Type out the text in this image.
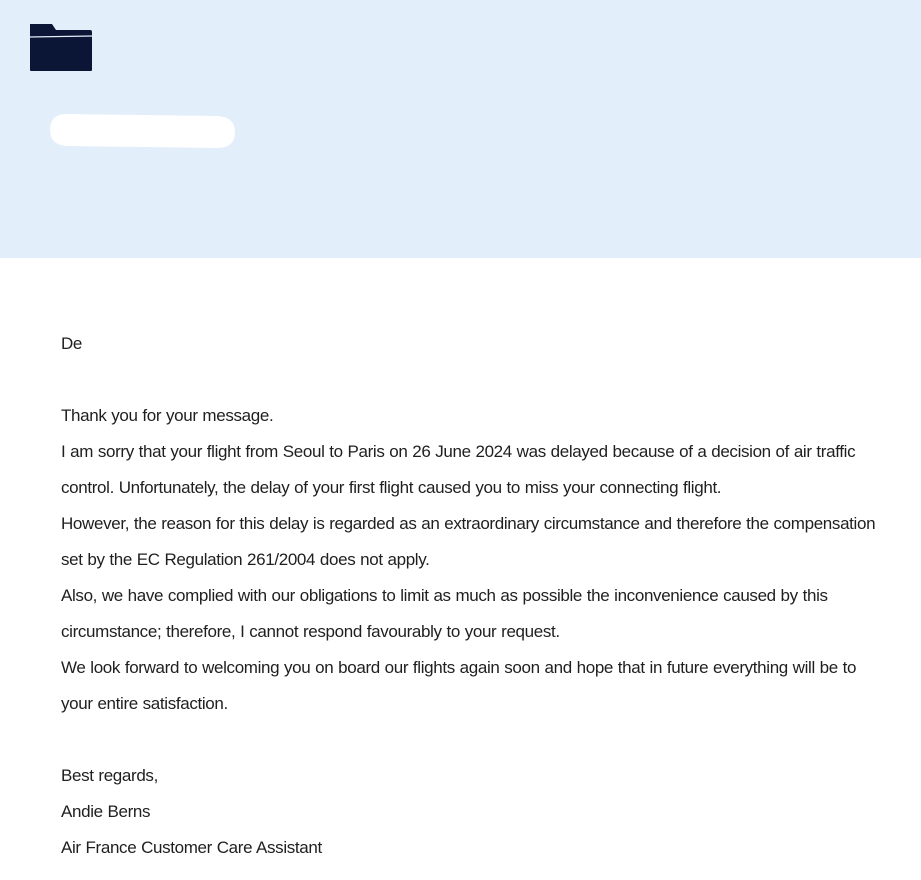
De

Thank you for your message.

I am sorry that your flight from Seoul to Paris on 26 June 2024 was delayed because of a decision of air traffic control. Unfortunately, the delay of your first flight caused you to miss your connecting flight.

However, the reason for this delay is regarded as an extraordinary circumstance and therefore the compensation set by the EC Regulation 261/2004 does not apply.

Also, we have complied with our obligations to limit as much as possible the inconvenience caused by this circumstance; therefore, I cannot respond favourably to your request.

We look forward to welcoming you on board our flights again soon and hope that in future everything will be to your entire satisfaction.

Best regards,

Andie Berns

Air France Customer Care Assistant
